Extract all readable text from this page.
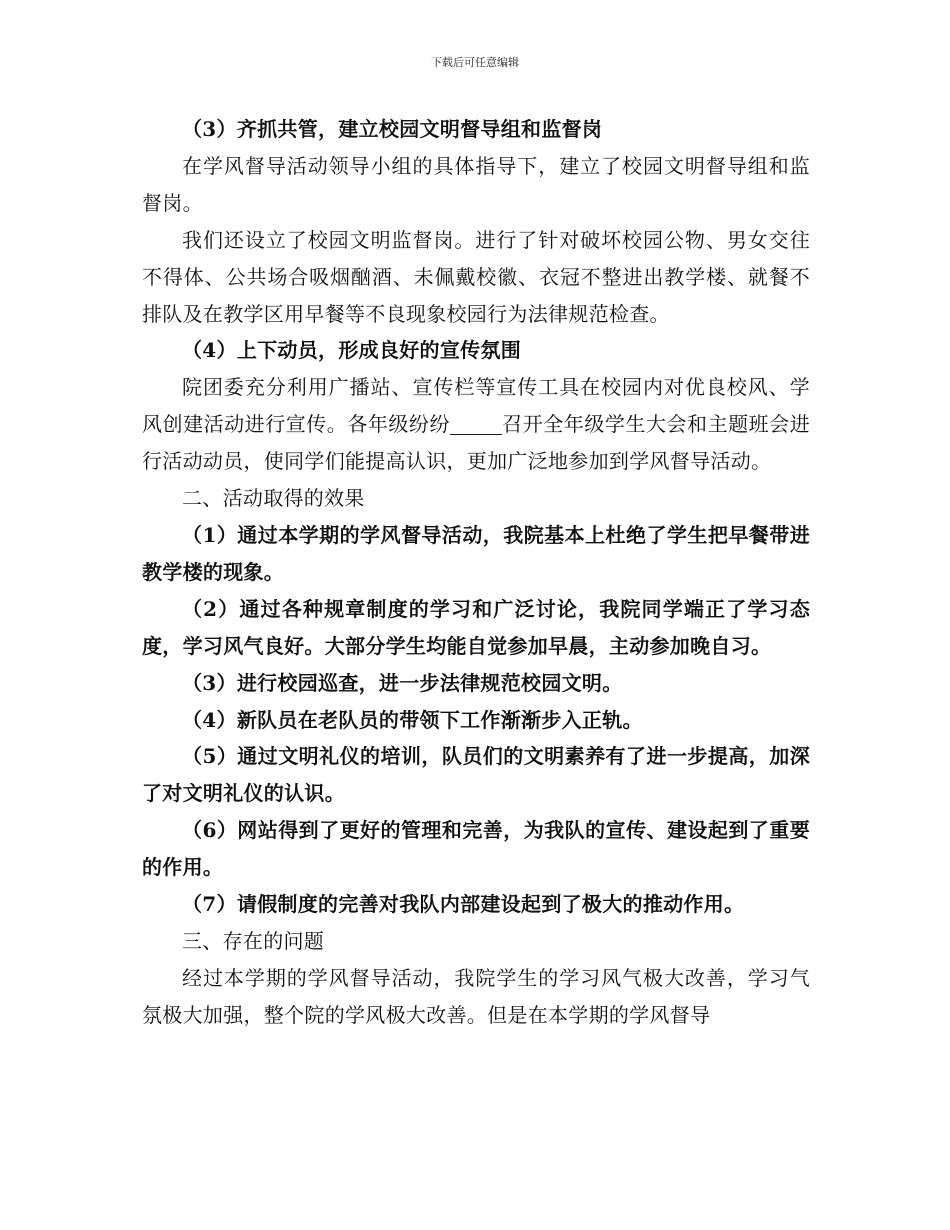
下载后可任意编辑

（3）齐抓共管，建立校园文明督导组和监督岗

在学风督导活动领导小组的具体指导下，建立了校园文明督导组和监督岗。

我们还设立了校园文明监督岗。进行了针对破坏校园公物、男女交往不得体、公共场合吸烟酗酒、未佩戴校徽、衣冠不整进出教学楼、就餐不排队及在教学区用早餐等不良现象校园行为法律规范检查。

（4）上下动员，形成良好的宣传氛围

院团委充分利用广播站、宣传栏等宣传工具在校园内对优良校风、学风创建活动进行宣传。各年级纷纷	召开全年级学生大会和主题班会进行活动动员，使同学们能提高认识，更加广泛地参加到学风督导活动。

二、活动取得的效果

（1）通过本学期的学风督导活动，我院基本上杜绝了学生把早餐带进教学楼的现象。

（2）通过各种规章制度的学习和广泛讨论，我院同学端正了学习态度，学习风气良好。大部分学生均能自觉参加早晨，主动参加晚自习。

（3）进行校园巡查，进一步法律规范校园文明。

（4）新队员在老队员的带领下工作渐渐步入正轨。

（5）通过文明礼仪的培训，队员们的文明素养有了进一步提高，加深了对文明礼仪的认识。

（6）网站得到了更好的管理和完善，为我队的宣传、建设起到了重要的作用。

（7）请假制度的完善对我队内部建设起到了极大的推动作用。

三、存在的问题

经过本学期的学风督导活动，我院学生的学习风气极大改善，学习气氛极大加强，整个院的学风极大改善。但是在本学期的学风督导
